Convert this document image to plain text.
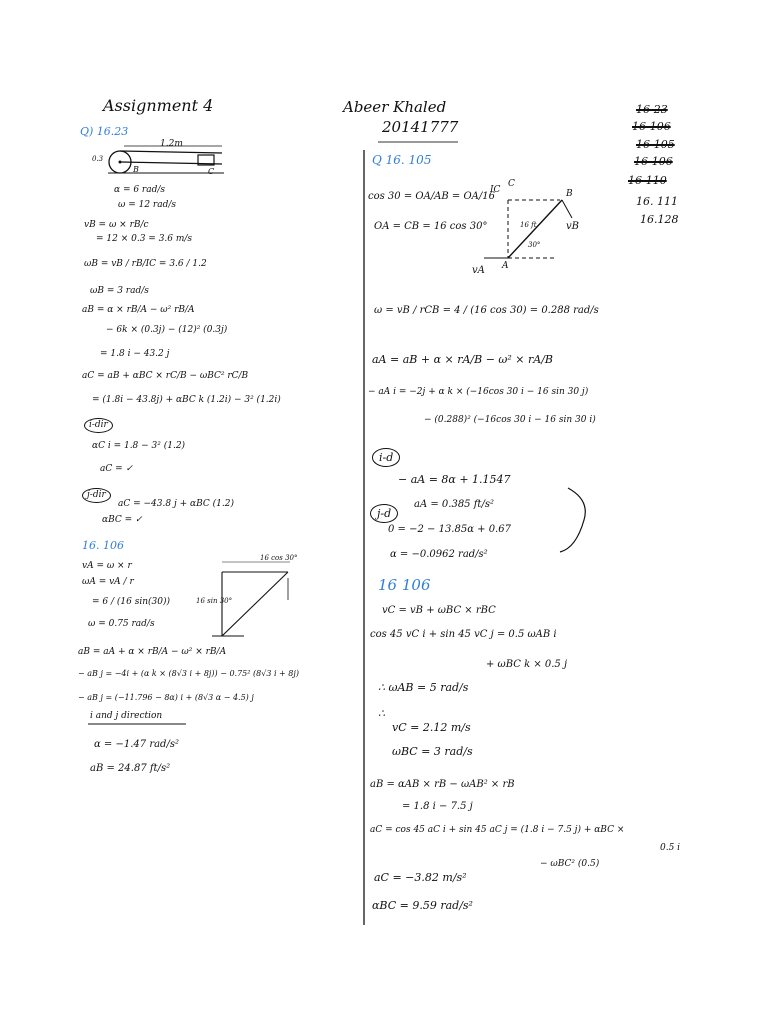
Assignment 4	Abeer Khaled
20141777
16-23
16-106
16-105
16-106
16-110
16. 111
16.128
Q) 16.23
1.2m
0.3
B	C
α = 6 rad/s
ω = 12 rad/s
vB = ω × rB/c
= 12 × 0.3 = 3.6 m/s
ωB = vB / rB/IC = 3.6 / 1.2
ωB = 3 rad/s
aB = α × rB/A − ω² rB/A
− 6k × (0.3j) − (12)² (0.3j)
= 1.8 i − 43.2 j
aC = aB + αBC × rC/B − ωBC² rC/B
= (1.8i − 43.8j) + αBC k (1.2i) − 3² (1.2i)
i-dir
αC i = 1.8 − 3² (1.2)
aC = ✓
j-dir
aC = −43.8 j + αBC (1.2)
αBC = ✓
16. 106
16 cos 30°
16 sin 30°
vA = ω × r
ωA = vA / r
= 6 / (16 sin(30))
ω = 0.75 rad/s
aB = aA + α × rB/A − ω² × rB/A
− aB j = −4i + (α k × (8√3 i + 8j)) − 0.75² (8√3 i + 8j)
− aB j = (−11.796 − 8α) i + (8√3 α − 4.5) j
i and j direction
α = −1.47 rad/s²
aB = 24.87 ft/s²
Q 16. 105
cos 30 = OA/AB = OA/16
OA = CB = 16 cos 30°
IC
C
B
A
30°
16 ft	vB
vA
ω = vB / rCB = 4 / (16 cos 30) = 0.288 rad/s
aA = aB + α × rA/B − ω² × rA/B
− aA i = −2j + α k × (−16cos 30 i − 16 sin 30 j)
− (0.288)² (−16cos 30 i − 16 sin 30 i)
i-d
− aA = 8α + 1.1547
j-d
aA = 0.385 ft/s²
0 = −2 − 13.85α + 0.67
α = −0.0962 rad/s²
16 106
vC = vB + ωBC × rBC
cos 45 vC i + sin 45 vC j = 0.5 ωAB i
+ ωBC k × 0.5 j
∴ ωAB = 5 rad/s
∴
vC = 2.12 m/s
ωBC = 3 rad/s
aB = αAB × rB − ωAB² × rB
= 1.8 i − 7.5 j
aC = cos 45 aC i + sin 45 aC j = (1.8 i − 7.5 j) + αBC ×
0.5 i
− ωBC² (0.5)
aC = −3.82 m/s²
αBC = 9.59 rad/s²
